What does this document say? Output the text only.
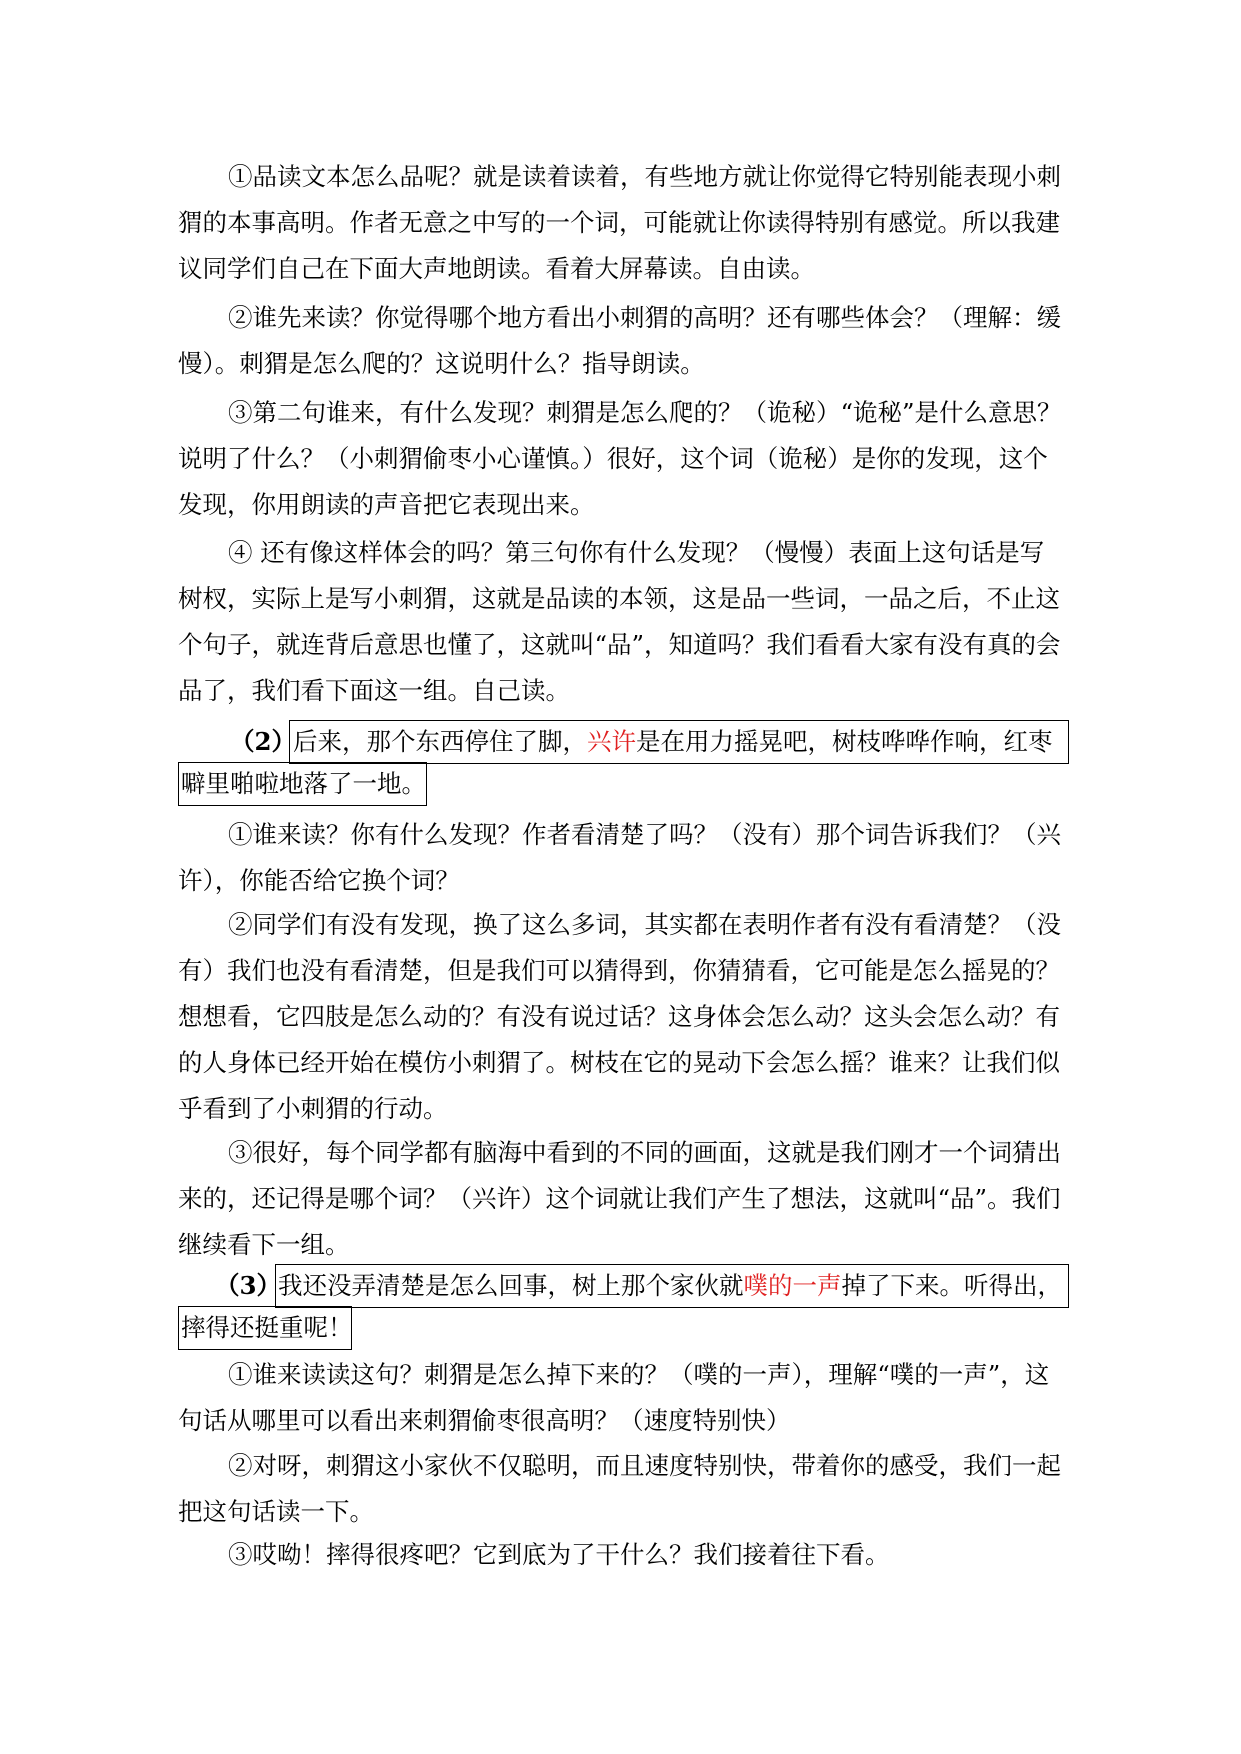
①品读文本怎么品呢？就是读着读着，有些地方就让你觉得它特别能表现小刺猬的本事高明。作者无意之中写的一个词，可能就让你读得特别有感觉。所以我建议同学们自己在下面大声地朗读。看着大屏幕读。自由读。

②谁先来读？你觉得哪个地方看出小刺猬的高明？还有哪些体会？（理解：缓慢）。刺猬是怎么爬的？这说明什么？指导朗读。

③第二句谁来，有什么发现？刺猬是怎么爬的？（诡秘）“诡秘”是什么意思？说明了什么？（小刺猬偷枣小心谨慎。）很好，这个词（诡秘）是你的发现，这个发现，你用朗读的声音把它表现出来。

④ 还有像这样体会的吗？第三句你有什么发现？（慢慢）表面上这句话是写树杈，实际上是写小刺猬，这就是品读的本领，这是品一些词，一品之后，不止这个句子，就连背后意思也懂了，这就叫“品”，知道吗？我们看看大家有没有真的会品了，我们看下面这一组。自己读。

（2）
后来，那个东西停住了脚，兴许是在用力摇晃吧，树枝哗哗作响，红枣
噼里啪啦地落了一地。

①谁来读？你有什么发现？作者看清楚了吗？（没有）那个词告诉我们？（兴许），你能否给它换个词？

②同学们有没有发现，换了这么多词，其实都在表明作者有没有看清楚？（没有）我们也没有看清楚，但是我们可以猜得到，你猜猜看，它可能是怎么摇晃的？想想看，它四肢是怎么动的？有没有说过话？这身体会怎么动？这头会怎么动？有的人身体已经开始在模仿小刺猬了。树枝在它的晃动下会怎么摇？谁来？让我们似乎看到了小刺猬的行动。

③很好，每个同学都有脑海中看到的不同的画面，这就是我们刚才一个词猜出来的，还记得是哪个词？（兴许）这个词就让我们产生了想法，这就叫“品”。我们继续看下一组。

（3）
我还没弄清楚是怎么回事，树上那个家伙就噗的一声掉了下来。听得出，
摔得还挺重呢！

①谁来读读这句？刺猬是怎么掉下来的？（噗的一声），理解“噗的一声”，这句话从哪里可以看出来刺猬偷枣很高明？（速度特别快）

②对呀，刺猬这小家伙不仅聪明，而且速度特别快，带着你的感受，我们一起把这句话读一下。

③哎呦！摔得很疼吧？它到底为了干什么？我们接着往下看。
